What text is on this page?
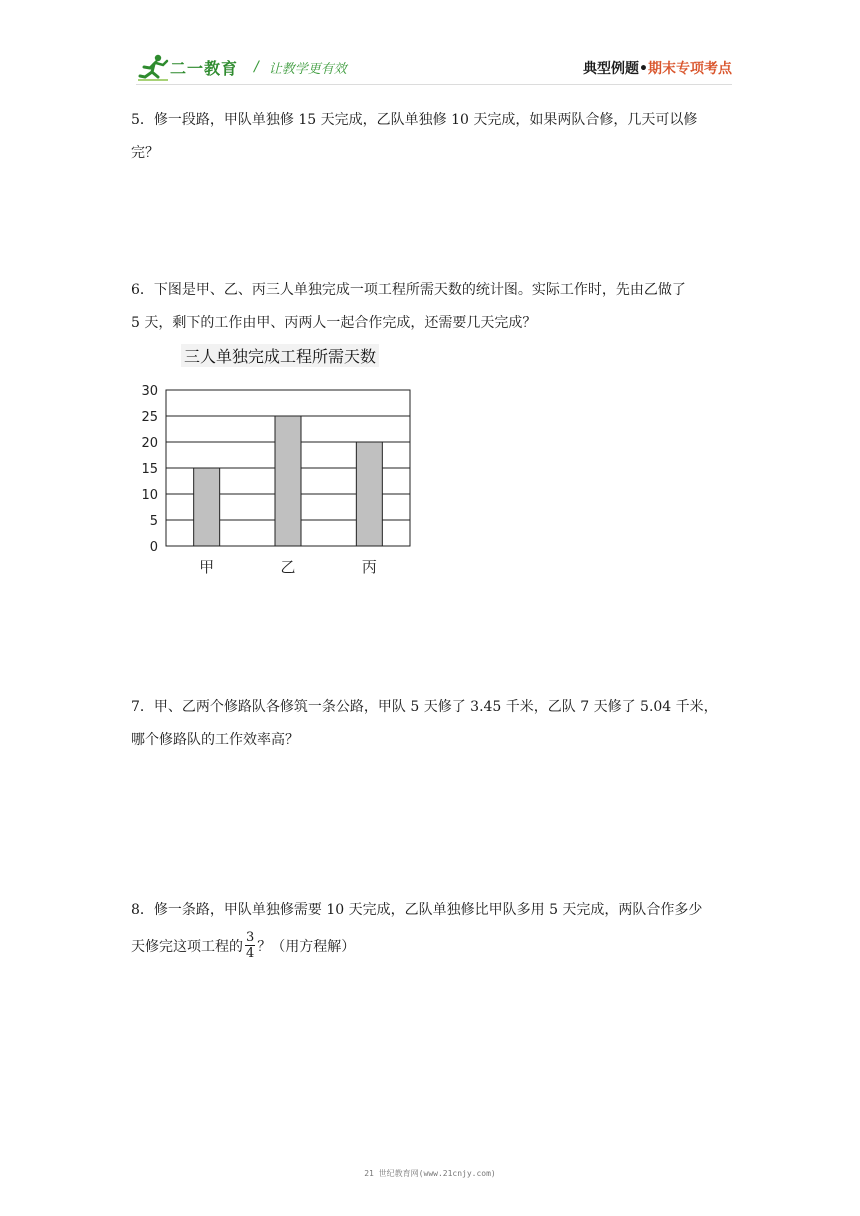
二一教育 / 让教学更有效	典型例题•期末专项考点

5．修一段路，甲队单独修 15 天完成，乙队单独修 10 天完成，如果两队合修，几天可以修
完？

6．下图是甲、乙、丙三人单独完成一项工程所需天数的统计图。实际工作时，先由乙做了
5 天，剩下的工作由甲、丙两人一起合作完成，还需要几天完成？

三人单独完成工程所需天数
0
5
10
15
20
25
30
甲	乙	丙

7．甲、乙两个修路队各修筑一条公路，甲队 5 天修了 3.45 千米，乙队 7 天修了 5.04 千米，
哪个修路队的工作效率高？

8．修一条路，甲队单独修需要 10 天完成，乙队单独修比甲队多用 5 天完成，两队合作多少
天修完这项工程的 $\frac{3}{4}$ ？（用方程解）

21 世纪教育网(www.21cnjy.com)
